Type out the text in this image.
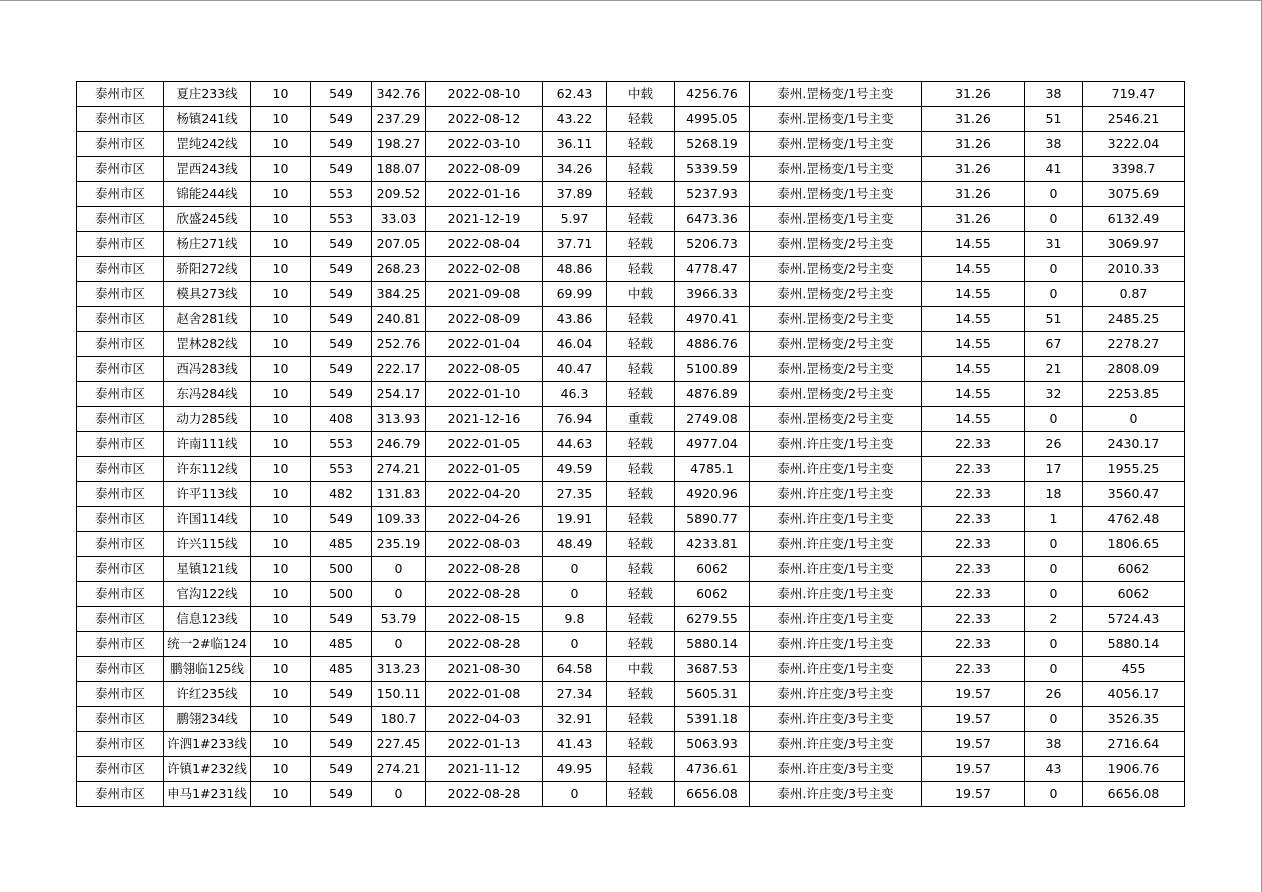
泰州市区	夏庄233线	10	549	342.76	2022-08-10	62.43	中载	4256.76	泰州.罡杨变/1号主变	31.26	38	719.47
泰州市区	杨镇241线	10	549	237.29	2022-08-12	43.22	轻载	4995.05	泰州.罡杨变/1号主变	31.26	51	2546.21
泰州市区	罡纯242线	10	549	198.27	2022-03-10	36.11	轻载	5268.19	泰州.罡杨变/1号主变	31.26	38	3222.04
泰州市区	罡西243线	10	549	188.07	2022-08-09	34.26	轻载	5339.59	泰州.罡杨变/1号主变	31.26	41	3398.7
泰州市区	锦能244线	10	553	209.52	2022-01-16	37.89	轻载	5237.93	泰州.罡杨变/1号主变	31.26	0	3075.69
泰州市区	欣盛245线	10	553	33.03	2021-12-19	5.97	轻载	6473.36	泰州.罡杨变/1号主变	31.26	0	6132.49
泰州市区	杨庄271线	10	549	207.05	2022-08-04	37.71	轻载	5206.73	泰州.罡杨变/2号主变	14.55	31	3069.97
泰州市区	骄阳272线	10	549	268.23	2022-02-08	48.86	轻载	4778.47	泰州.罡杨变/2号主变	14.55	0	2010.33
泰州市区	模具273线	10	549	384.25	2021-09-08	69.99	中载	3966.33	泰州.罡杨变/2号主变	14.55	0	0.87
泰州市区	赵舍281线	10	549	240.81	2022-08-09	43.86	轻载	4970.41	泰州.罡杨变/2号主变	14.55	51	2485.25
泰州市区	罡林282线	10	549	252.76	2022-01-04	46.04	轻载	4886.76	泰州.罡杨变/2号主变	14.55	67	2278.27
泰州市区	西冯283线	10	549	222.17	2022-08-05	40.47	轻载	5100.89	泰州.罡杨变/2号主变	14.55	21	2808.09
泰州市区	东冯284线	10	549	254.17	2022-01-10	46.3	轻载	4876.89	泰州.罡杨变/2号主变	14.55	32	2253.85
泰州市区	动力285线	10	408	313.93	2021-12-16	76.94	重载	2749.08	泰州.罡杨变/2号主变	14.55	0	0
泰州市区	许南111线	10	553	246.79	2022-01-05	44.63	轻载	4977.04	泰州.许庄变/1号主变	22.33	26	2430.17
泰州市区	许东112线	10	553	274.21	2022-01-05	49.59	轻载	4785.1	泰州.许庄变/1号主变	22.33	17	1955.25
泰州市区	许平113线	10	482	131.83	2022-04-20	27.35	轻载	4920.96	泰州.许庄变/1号主变	22.33	18	3560.47
泰州市区	许国114线	10	549	109.33	2022-04-26	19.91	轻载	5890.77	泰州.许庄变/1号主变	22.33	1	4762.48
泰州市区	许兴115线	10	485	235.19	2022-08-03	48.49	轻载	4233.81	泰州.许庄变/1号主变	22.33	0	1806.65
泰州市区	星镇121线	10	500	0	2022-08-28	0	轻载	6062	泰州.许庄变/1号主变	22.33	0	6062
泰州市区	官沟122线	10	500	0	2022-08-28	0	轻载	6062	泰州.许庄变/1号主变	22.33	0	6062
泰州市区	信息123线	10	549	53.79	2022-08-15	9.8	轻载	6279.55	泰州.许庄变/1号主变	22.33	2	5724.43
泰州市区	统一2#临124	10	485	0	2022-08-28	0	轻载	5880.14	泰州.许庄变/1号主变	22.33	0	5880.14
泰州市区	鹏翎临125线	10	485	313.23	2021-08-30	64.58	中载	3687.53	泰州.许庄变/1号主变	22.33	0	455
泰州市区	许红235线	10	549	150.11	2022-01-08	27.34	轻载	5605.31	泰州.许庄变/3号主变	19.57	26	4056.17
泰州市区	鹏翎234线	10	549	180.7	2022-04-03	32.91	轻载	5391.18	泰州.许庄变/3号主变	19.57	0	3526.35
泰州市区	许泗1#233线	10	549	227.45	2022-01-13	41.43	轻载	5063.93	泰州.许庄变/3号主变	19.57	38	2716.64
泰州市区	许镇1#232线	10	549	274.21	2021-11-12	49.95	轻载	4736.61	泰州.许庄变/3号主变	19.57	43	1906.76
泰州市区	申马1#231线	10	549	0	2022-08-28	0	轻载	6656.08	泰州.许庄变/3号主变	19.57	0	6656.08
